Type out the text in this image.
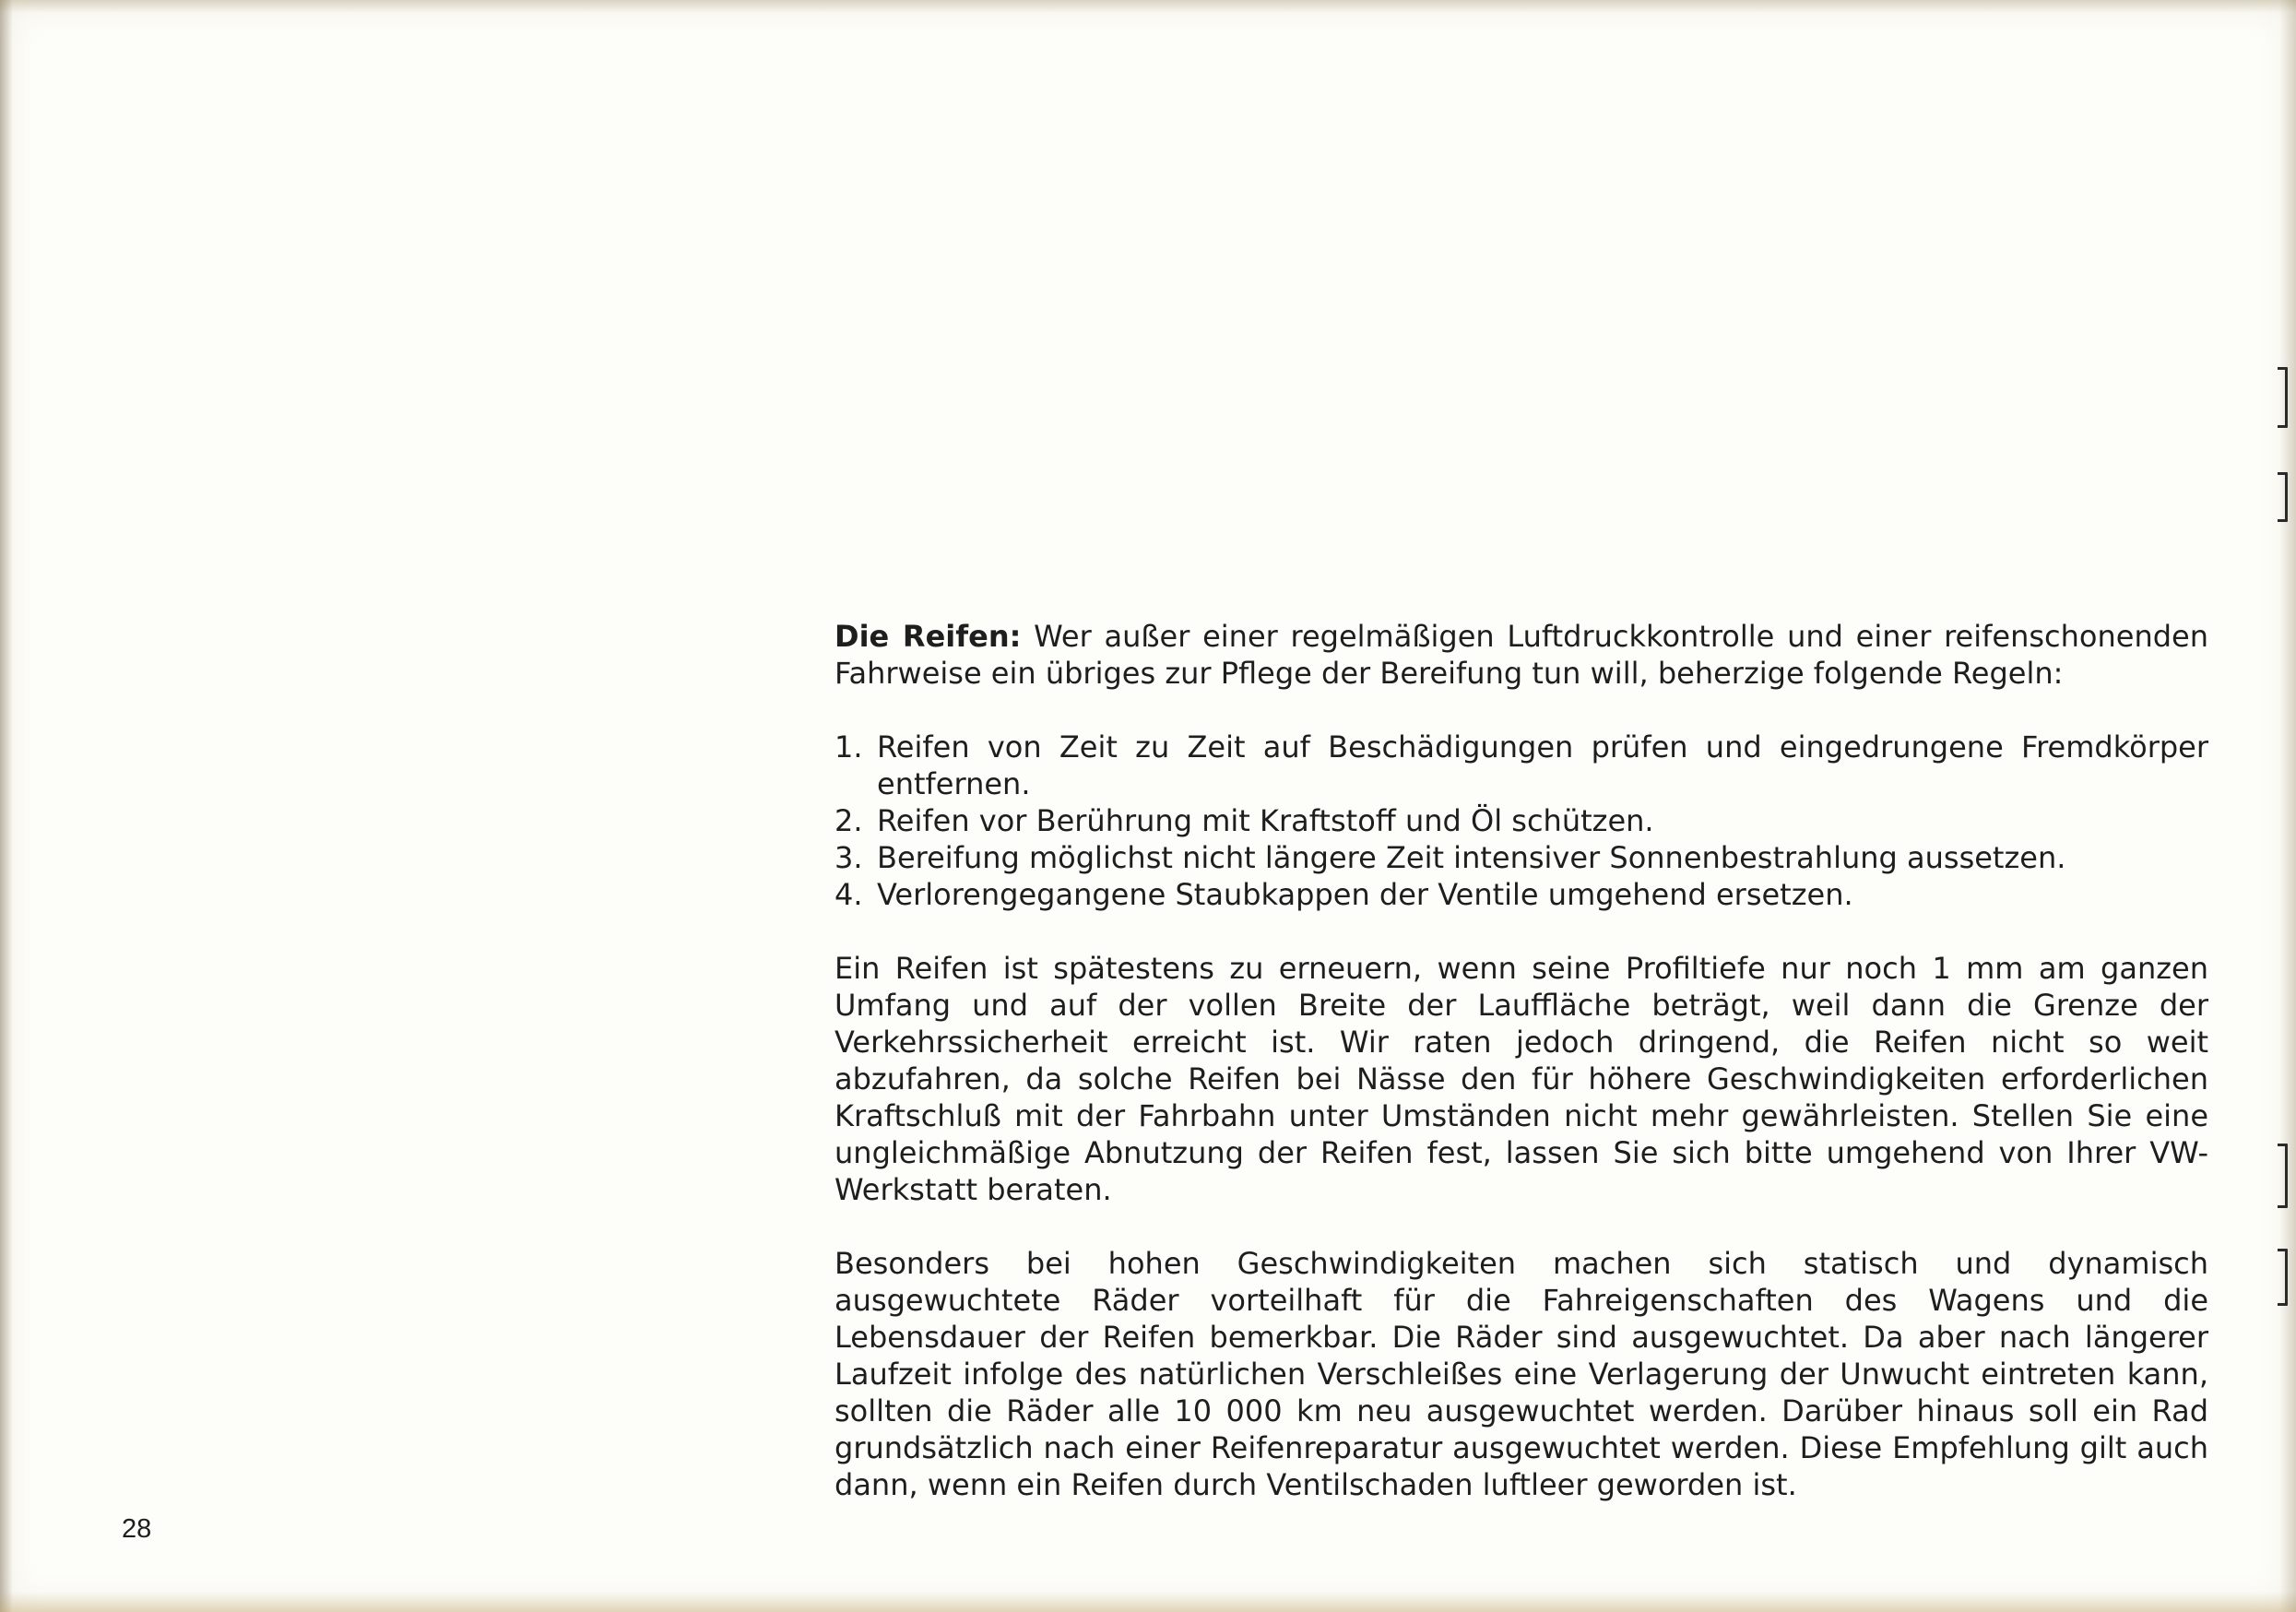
Die Reifen: Wer außer einer regelmäßigen Luftdruckkontrolle und einer reifenschonenden Fahrweise ein übriges zur Pflege der Bereifung tun will, beherzige folgende Regeln:

1. Reifen von Zeit zu Zeit auf Beschädigungen prüfen und eingedrungene Fremdkörper entfernen.
2. Reifen vor Berührung mit Kraftstoff und Öl schützen.
3. Bereifung möglichst nicht längere Zeit intensiver Sonnenbestrahlung aussetzen.
4. Verlorengegangene Staubkappen der Ventile umgehend ersetzen.

Ein Reifen ist spätestens zu erneuern, wenn seine Profiltiefe nur noch 1 mm am ganzen Umfang und auf der vollen Breite der Lauffläche beträgt, weil dann die Grenze der Verkehrssicherheit erreicht ist. Wir raten jedoch dringend, die Reifen nicht so weit abzufahren, da solche Reifen bei Nässe den für höhere Geschwindigkeiten erforderlichen Kraftschluß mit der Fahrbahn unter Umständen nicht mehr gewährleisten. Stellen Sie eine ungleichmäßige Abnutzung der Reifen fest, lassen Sie sich bitte umgehend von Ihrer VW-Werkstatt beraten.

Besonders bei hohen Geschwindigkeiten machen sich statisch und dynamisch ausgewuchtete Räder vorteilhaft für die Fahreigenschaften des Wagens und die Lebensdauer der Reifen bemerkbar. Die Räder sind ausgewuchtet. Da aber nach längerer Laufzeit infolge des natürlichen Verschleißes eine Verlagerung der Unwucht eintreten kann, sollten die Räder alle 10 000 km neu ausgewuchtet werden. Darüber hinaus soll ein Rad grundsätzlich nach einer Reifenreparatur ausgewuchtet werden. Diese Empfehlung gilt auch dann, wenn ein Reifen durch Ventilschaden luftleer geworden ist.

28
